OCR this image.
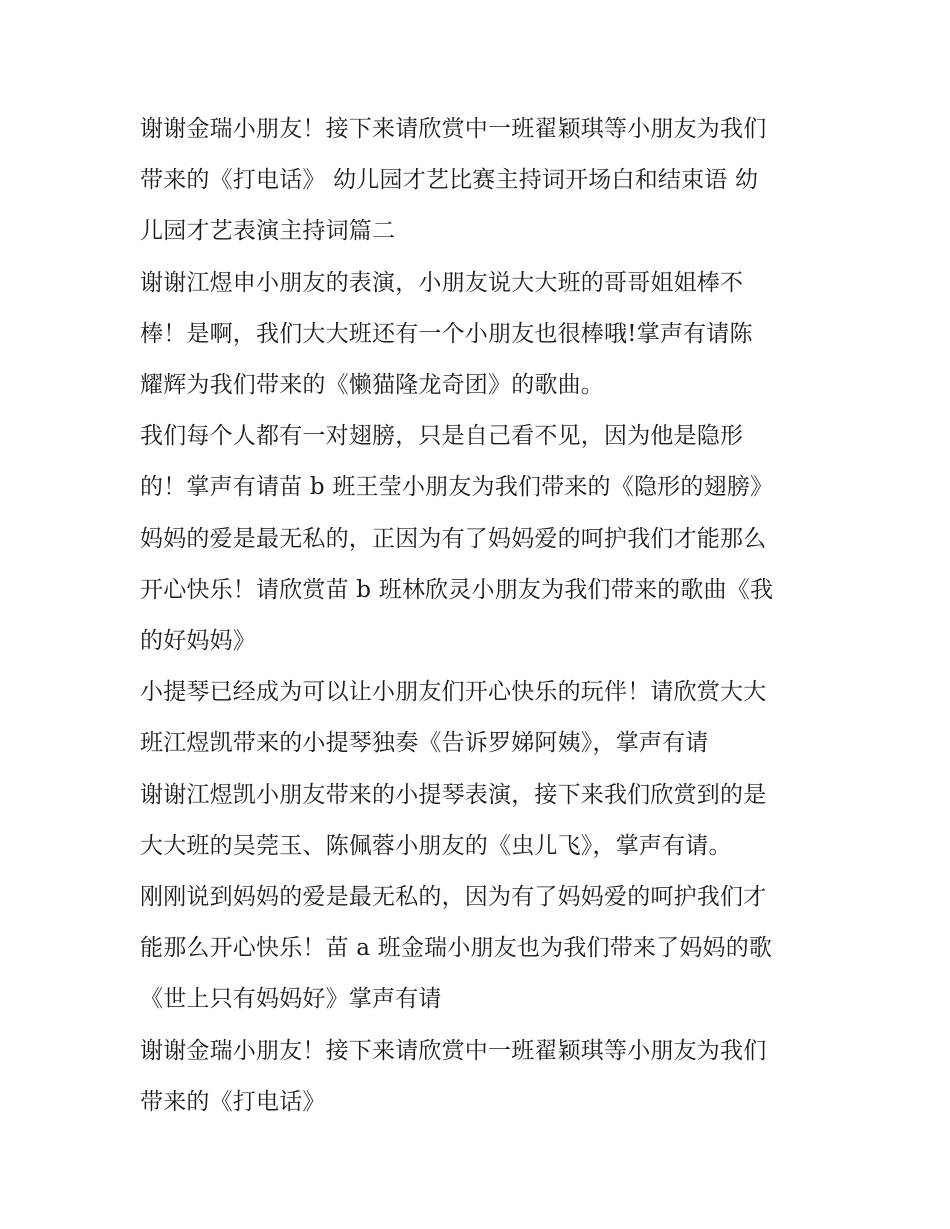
谢谢金瑞小朋友！接下来请欣赏中一班翟颖琪等小朋友为我们
带来的《打电话》 幼儿园才艺比赛主持词开场白和结束语 幼
儿园才艺表演主持词篇二

谢谢江煜申小朋友的表演，小朋友说大大班的哥哥姐姐棒不
棒！是啊，我们大大班还有一个小朋友也很棒哦!掌声有请陈
耀辉为我们带来的《懒猫隆龙奇团》的歌曲。

我们每个人都有一对翅膀，只是自己看不见，因为他是隐形
的！掌声有请苗 b 班王莹小朋友为我们带来的《隐形的翅膀》

妈妈的爱是最无私的，正因为有了妈妈爱的呵护我们才能那么
开心快乐！请欣赏苗 b 班林欣灵小朋友为我们带来的歌曲《我
的好妈妈》

小提琴已经成为可以让小朋友们开心快乐的玩伴！请欣赏大大
班江煜凯带来的小提琴独奏《告诉罗娣阿姨》，掌声有请

谢谢江煜凯小朋友带来的小提琴表演，接下来我们欣赏到的是
大大班的吴莞玉、陈佩蓉小朋友的《虫儿飞》，掌声有请。

刚刚说到妈妈的爱是最无私的，因为有了妈妈爱的呵护我们才
能那么开心快乐！苗 a 班金瑞小朋友也为我们带来了妈妈的歌
《世上只有妈妈好》掌声有请

谢谢金瑞小朋友！接下来请欣赏中一班翟颖琪等小朋友为我们
带来的《打电话》
